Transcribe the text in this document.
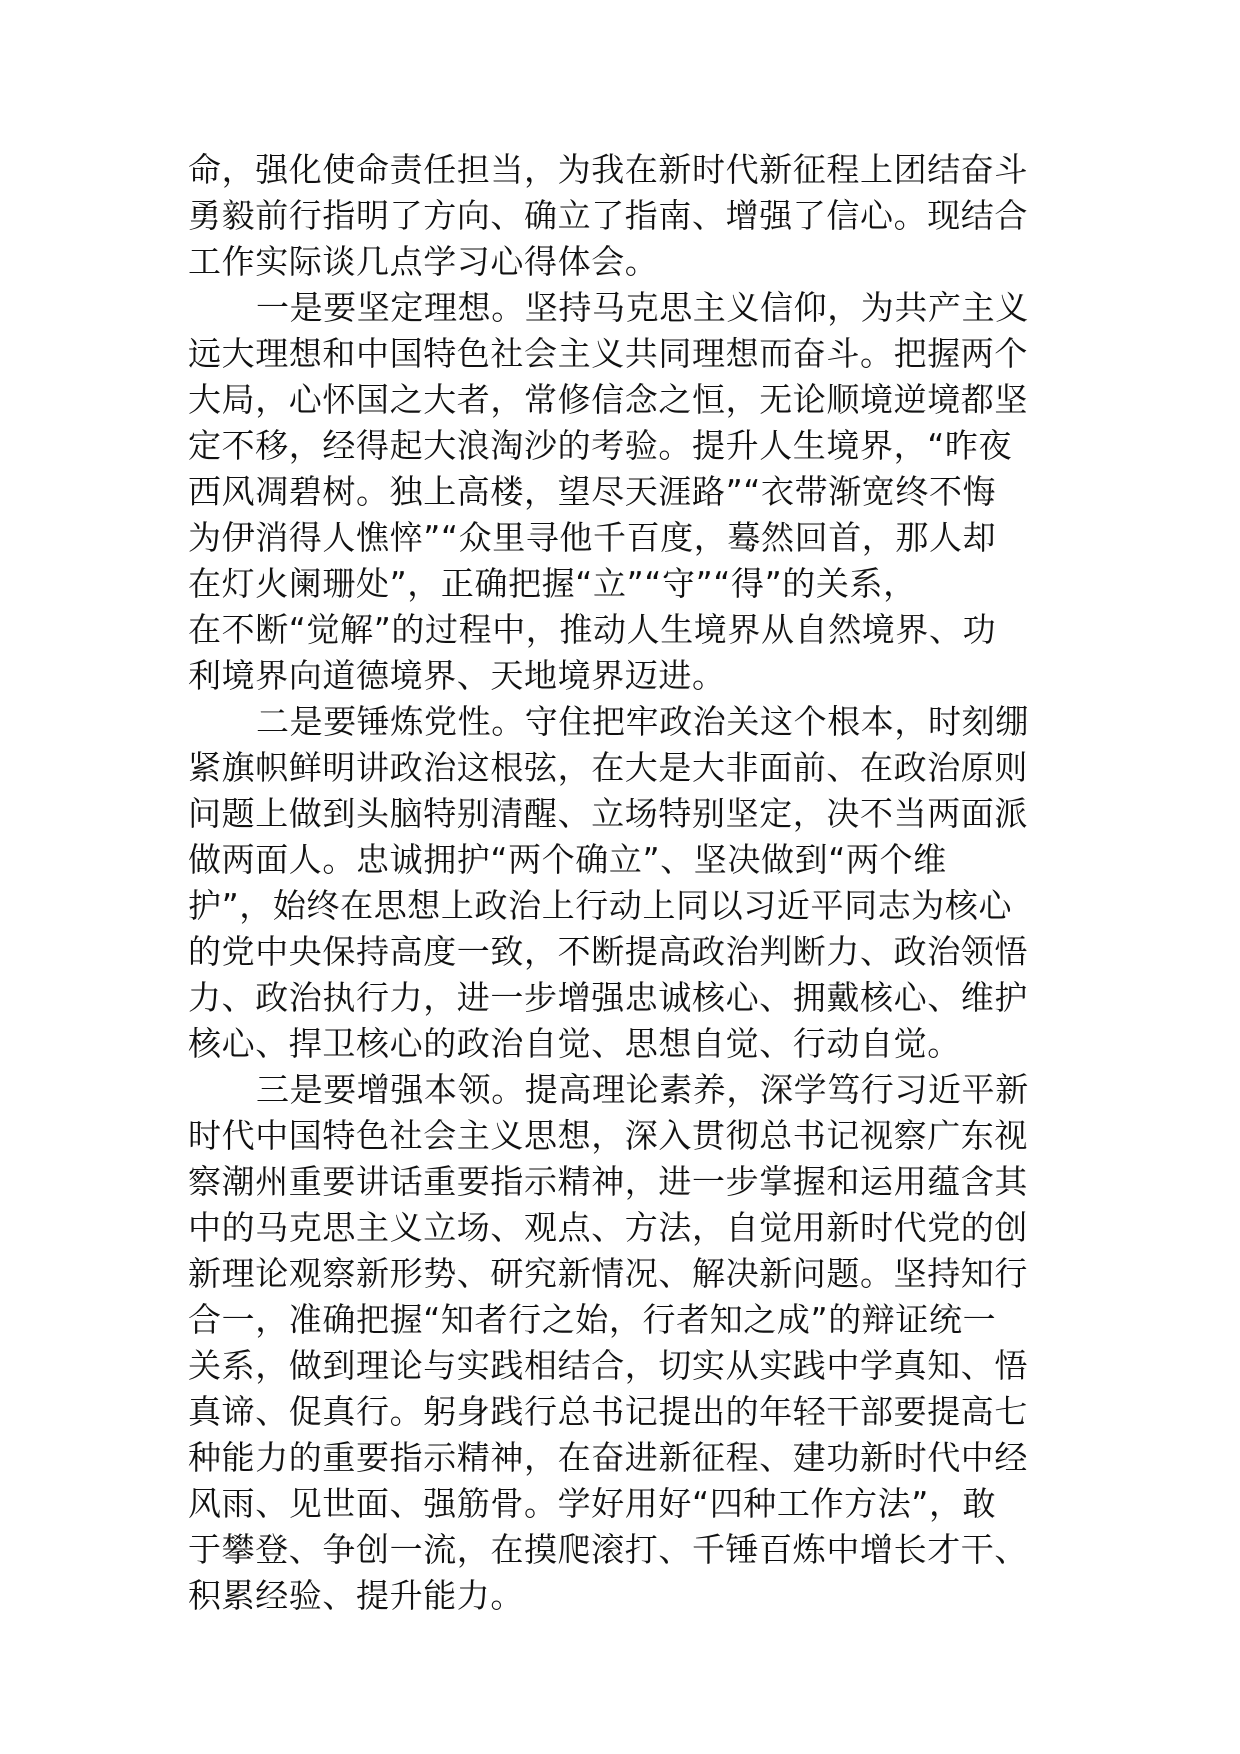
命，强化使命责任担当，为我在新时代新征程上团结奋斗
勇毅前行指明了方向、确立了指南、增强了信心。现结合
工作实际谈几点学习心得体会。
一是要坚定理想。坚持马克思主义信仰，为共产主义
远大理想和中国特色社会主义共同理想而奋斗。把握两个
大局，心怀国之大者，常修信念之恒，无论顺境逆境都坚
定不移，经得起大浪淘沙的考验。提升人生境界，“昨夜
西风凋碧树。独上高楼，望尽天涯路”“衣带渐宽终不悔
为伊消得人憔悴”“众里寻他千百度，蓦然回首，那人却
在灯火阑珊处”，正确把握“立”“守”“得”的关系，
在不断“觉解”的过程中，推动人生境界从自然境界、功
利境界向道德境界、天地境界迈进。
二是要锤炼党性。守住把牢政治关这个根本，时刻绷
紧旗帜鲜明讲政治这根弦，在大是大非面前、在政治原则
问题上做到头脑特别清醒、立场特别坚定，决不当两面派
做两面人。忠诚拥护“两个确立”、坚决做到“两个维
护”，始终在思想上政治上行动上同以习近平同志为核心
的党中央保持高度一致，不断提高政治判断力、政治领悟
力、政治执行力，进一步增强忠诚核心、拥戴核心、维护
核心、捍卫核心的政治自觉、思想自觉、行动自觉。
三是要增强本领。提高理论素养，深学笃行习近平新
时代中国特色社会主义思想，深入贯彻总书记视察广东视
察潮州重要讲话重要指示精神，进一步掌握和运用蕴含其
中的马克思主义立场、观点、方法，自觉用新时代党的创
新理论观察新形势、研究新情况、解决新问题。坚持知行
合一，准确把握“知者行之始，行者知之成”的辩证统一
关系，做到理论与实践相结合，切实从实践中学真知、悟
真谛、促真行。躬身践行总书记提出的年轻干部要提高七
种能力的重要指示精神，在奋进新征程、建功新时代中经
风雨、见世面、强筋骨。学好用好“四种工作方法”，敢
于攀登、争创一流，在摸爬滚打、千锤百炼中增长才干、
积累经验、提升能力。
